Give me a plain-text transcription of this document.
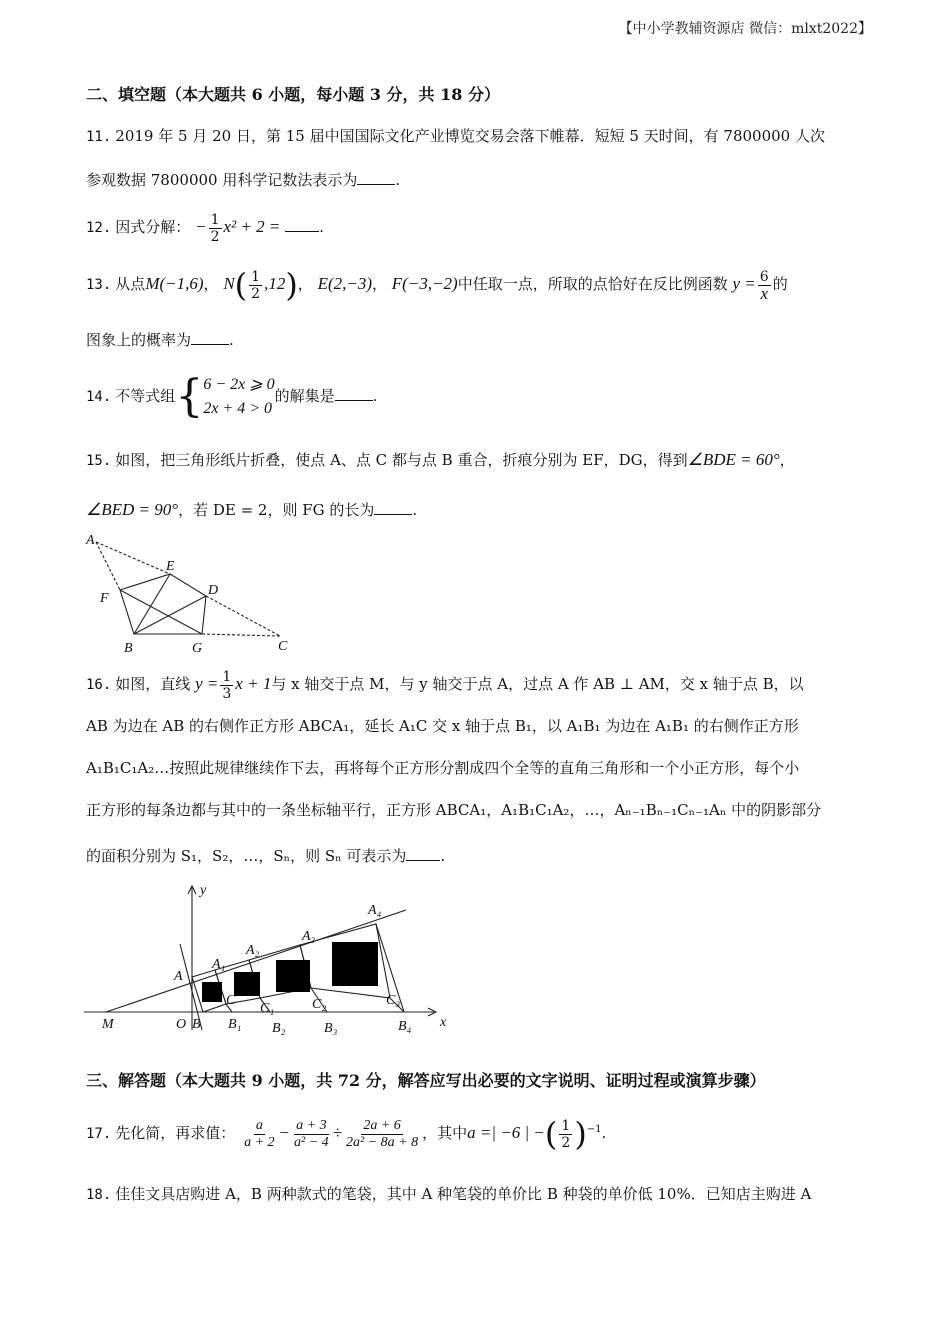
【中小学教辅资源店 微信：mlxt2022】
二、填空题（本大题共 6 小题，每小题 3 分，共 18 分）
11. 2019 年 5 月 20 日，第 15 届中国国际文化产业博览交易会落下帷幕．短短 5 天时间，有 7800000 人次
参观数据 7800000 用科学记数法表示为	.
12. 因式分解： − $\frac{1}{2} x^2 + 2$ =	.
13. 从点M(−1,6)， $N( \frac{1}{2} ,12)$， E(2,−3)， F(−3,−2)中任取一点，所取的点恰好在反比例函数 $y = \frac{6}{x}$ 的
图象上的概率为	.
14. 不等式组{ 6 − 2x ⩾ 0
2x + 4 > 0
的解集是	.
15. 如图，把三角形纸片折叠，使点 A、点 C 都与点 B 重合，折痕分别为 EF，DG，得到∠BDE = 60°，
∠BED = 90°，若 DE = 2，则 FG 的长为	.
A
E
D
F
B	G	C
16. 如图，直线 $y = \frac{1}{3}$ x + 1与 x 轴交于点 M，与 y 轴交于点 A，过点 A 作 AB ⊥ AM，交 x 轴于点 B，以
AB 为边在 AB 的右侧作正方形 ABCA₁，延长 A₁C 交 x 轴于点 B₁，以 A₁B₁ 为边在 A₁B₁ 的右侧作正方形
A₁B₁C₁A₂…按照此规律继续作下去，再将每个正方形分割成四个全等的直角三角形和一个小正方形，每个小
正方形的每条边都与其中的一条坐标轴平行，正方形 ABCA₁，A₁B₁C₁A₂，…，Aₙ₋₁Bₙ₋₁Cₙ₋₁Aₙ 中的阴影部分
的面积分别为 S₁，S₂，…，Sₙ，则 Sₙ 可表示为 .
y
x
M	O
A
B
A₁
A₂
A₃
A₄
B₁ B₂	B₃	B₄
C
C₁	C₂	C₃
三、解答题（本大题共 9 小题，共 72 分，解答应写出必要的文字说明、证明过程或演算步骤）
17. 先化简，再求值： $\frac{a}{a + 2} - \frac{a + 3}{\text{a² − 4}} \div \frac{2a + 6}{\text{2a² − 8a + 8}}$ ，其中a =| −6 | −( $\frac{1}{2} )^{-1}$.
18. 佳佳文具店购进 A，B 两种款式的笔袋，其中 A 种笔袋的单价比 B 种袋的单价低 10%．已知店主购进 A
